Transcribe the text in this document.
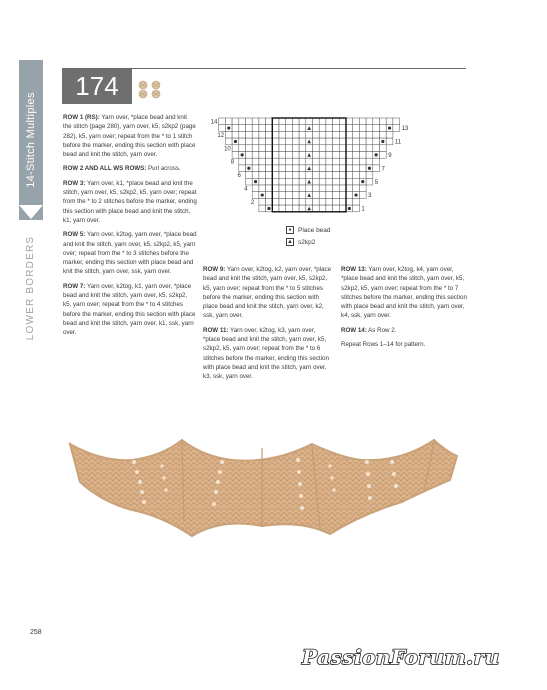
14-Stitch Multiples
LOWER BORDERS
174

ROW 1 (RS): Yarn over, *place bead and knit the stitch (page 280), yarn over, k5, s2kp2 (page 282), k5, yarn over; repeat from the * to 1 stitch before the marker, ending this section with place bead and knit the stitch, yarn over.

ROW 2 AND ALL WS ROWS: Purl across.

ROW 3: Yarn over, k1, *place bead and knit the stitch, yarn over, k5, s2kp2, k5, yarn over; repeat from the * to 2 stitches before the marker, ending this section with place bead and knit the stitch, k1, yarn over.

ROW 5: Yarn over, k2tog, yarn over, *place bead and knit the stitch, yarn over, k5, s2kp2, k5, yarn over; repeat from the * to 3 stitches before the marker, ending this section with place bead and knit the stitch, yarn over, ssk, yarn over.

ROW 7: Yarn over, k2tog, k1, yarn over, *place bead and knit the stitch, yarn over, k5, s2kp2, k5, yarn over; repeat from the * to 4 stitches before the marker, ending this section with place bead and knit the stitch, yarn over, k1, ssk, yarn over.

14
13
12
11
10
9
8
7
6
5
4
3
2
1
● Place bead
▲ s2kp2

ROW 9: Yarn over, k2tog, k2, yarn over, *place bead and knit the stitch, yarn over, k5, s2kp2, k5, yarn over; repeat from the * to 5 stitches before the marker, ending this section with place bead and knit the stitch, yarn over, k2, ssk, yarn over.

ROW 11: Yarn over, k2tog, k3, yarn over, *place bead and knit the stitch, yarn over, k5, s2kp2, k5, yarn over; repeat from the * to 6 stitches before the marker, ending this section with place bead and knit the stitch, yarn over, k3, ssk, yarn over.

ROW 13: Yarn over, k2tog, k4, yarn over, *place bead and knit the stitch, yarn over, k5, s2kp2, k5, yarn over; repeat from the * to 7 stitches before the marker, ending this section with place bead and knit the stitch, yarn over, k4, ssk, yarn over.

ROW 14: As Row 2.

Repeat Rows 1–14 for pattern.

258
PassionForum.ru
